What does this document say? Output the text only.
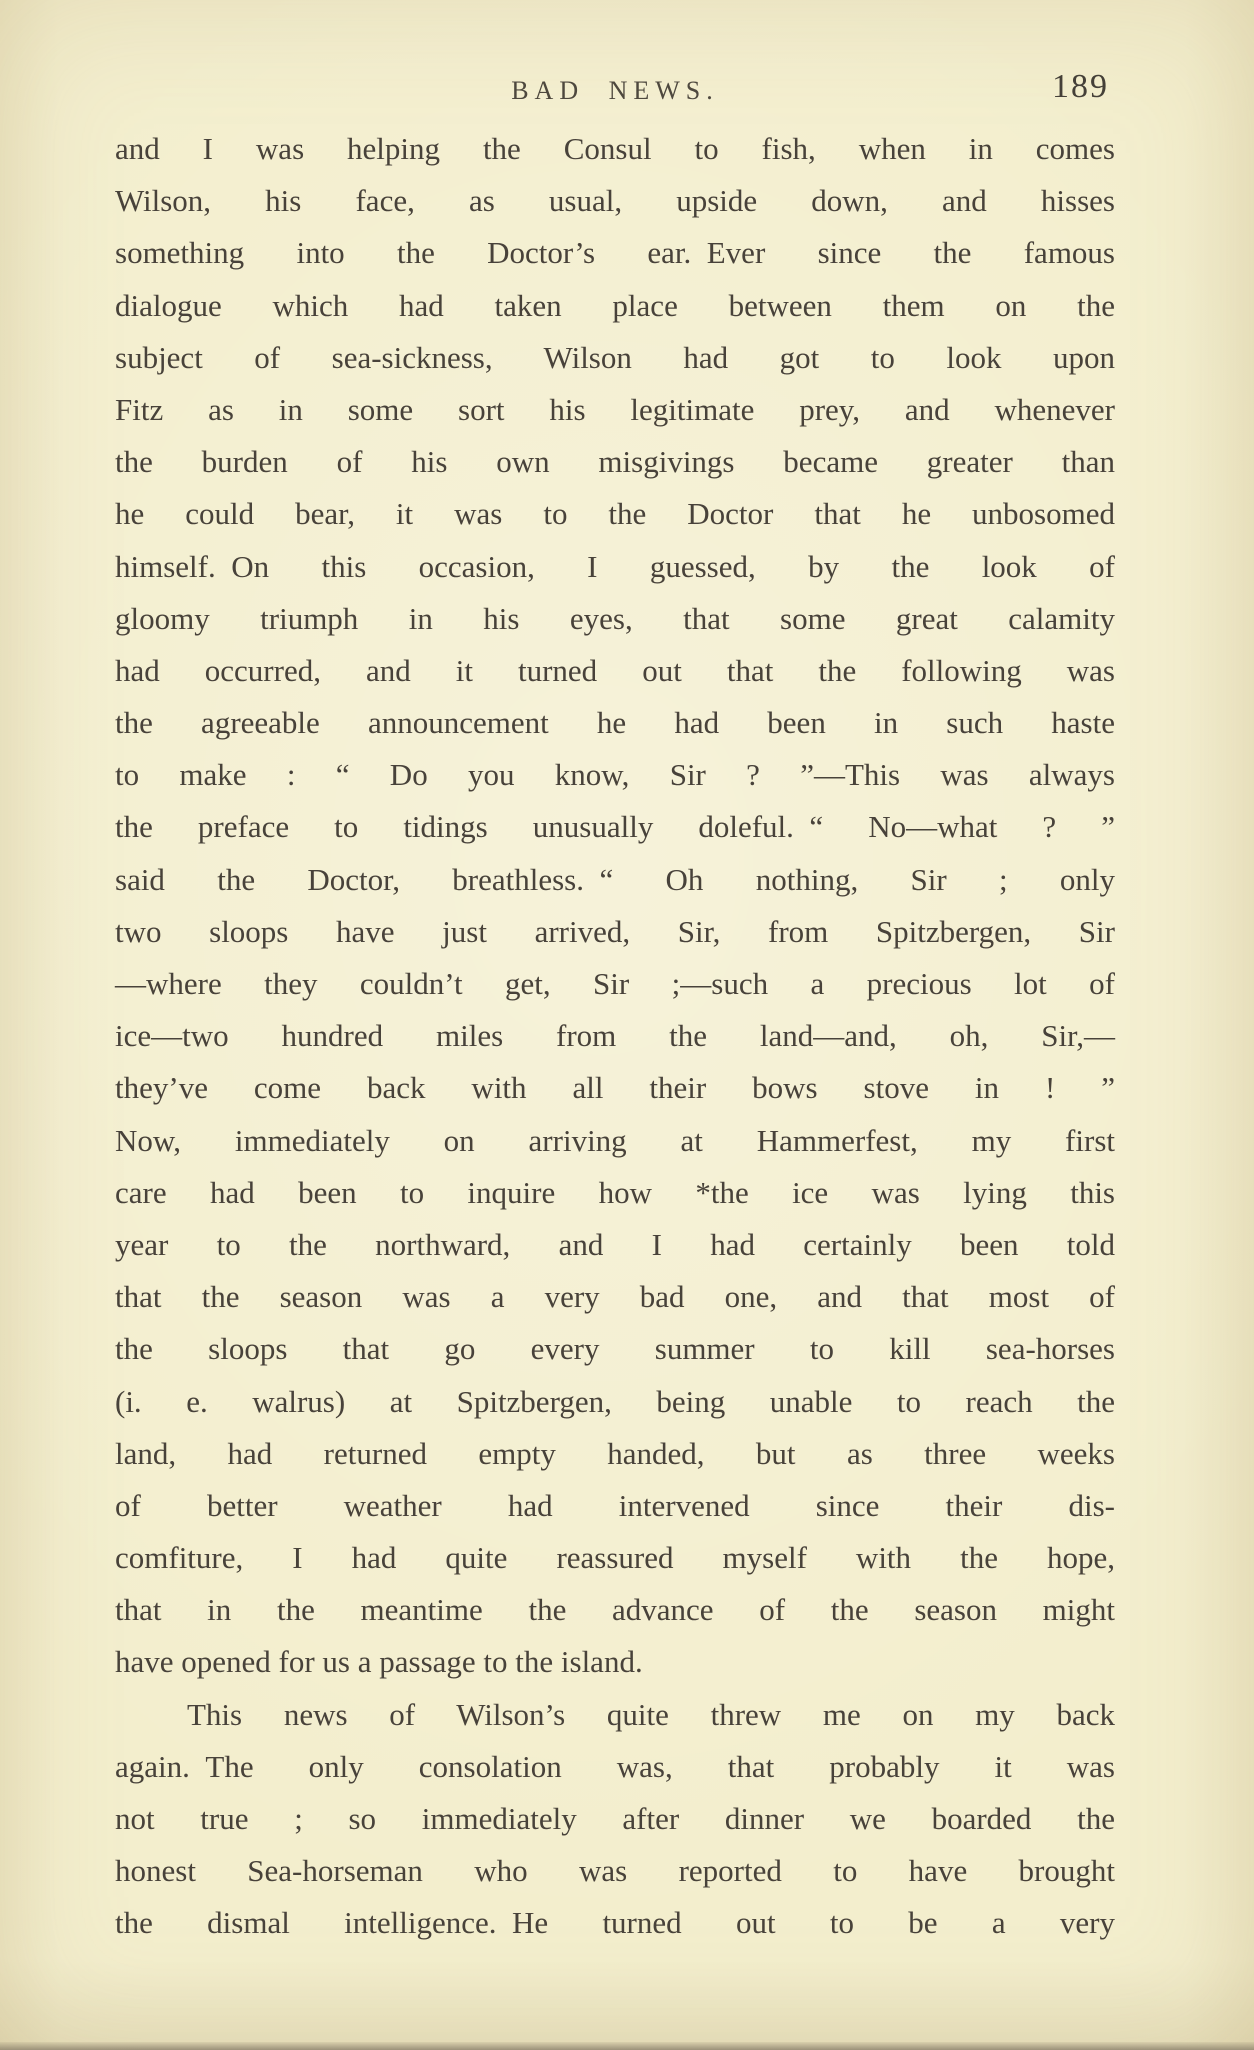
BAD NEWS.	189
and I was helping the Consul to fish, when in comes
Wilson, his face, as usual, upside down, and hisses
something into the Doctor’s ear. Ever since the famous
dialogue which had taken place between them on the
subject of sea-sickness, Wilson had got to look upon
Fitz as in some sort his legitimate prey, and whenever
the burden of his own misgivings became greater than
he could bear, it was to the Doctor that he unbosomed
himself. On this occasion, I guessed, by the look of
gloomy triumph in his eyes, that some great calamity
had occurred, and it turned out that the following was
the agreeable announcement he had been in such haste
to make : “ Do you know, Sir ? ”—This was always
the preface to tidings unusually doleful. “ No—what ? ”
said the Doctor, breathless. “ Oh nothing, Sir ; only
two sloops have just arrived, Sir, from Spitzbergen, Sir
—where they couldn’t get, Sir ;—such a precious lot of
ice—two hundred miles from the land—and, oh, Sir,—
they’ve come back with all their bows stove in ! ”
Now, immediately on arriving at Hammerfest, my first
care had been to inquire how *the ice was lying this
year to the northward, and I had certainly been told
that the season was a very bad one, and that most of
the sloops that go every summer to kill sea-horses
(i. e. walrus) at Spitzbergen, being unable to reach the
land, had returned empty handed, but as three weeks
of better weather had intervened since their dis-
comfiture, I had quite reassured myself with the hope,
that in the meantime the advance of the season might
have opened for us a passage to the island.
This news of Wilson’s quite threw me on my back
again. The only consolation was, that probably it was
not true ; so immediately after dinner we boarded the
honest Sea-horseman who was reported to have brought
the dismal intelligence. He turned out to be a very
